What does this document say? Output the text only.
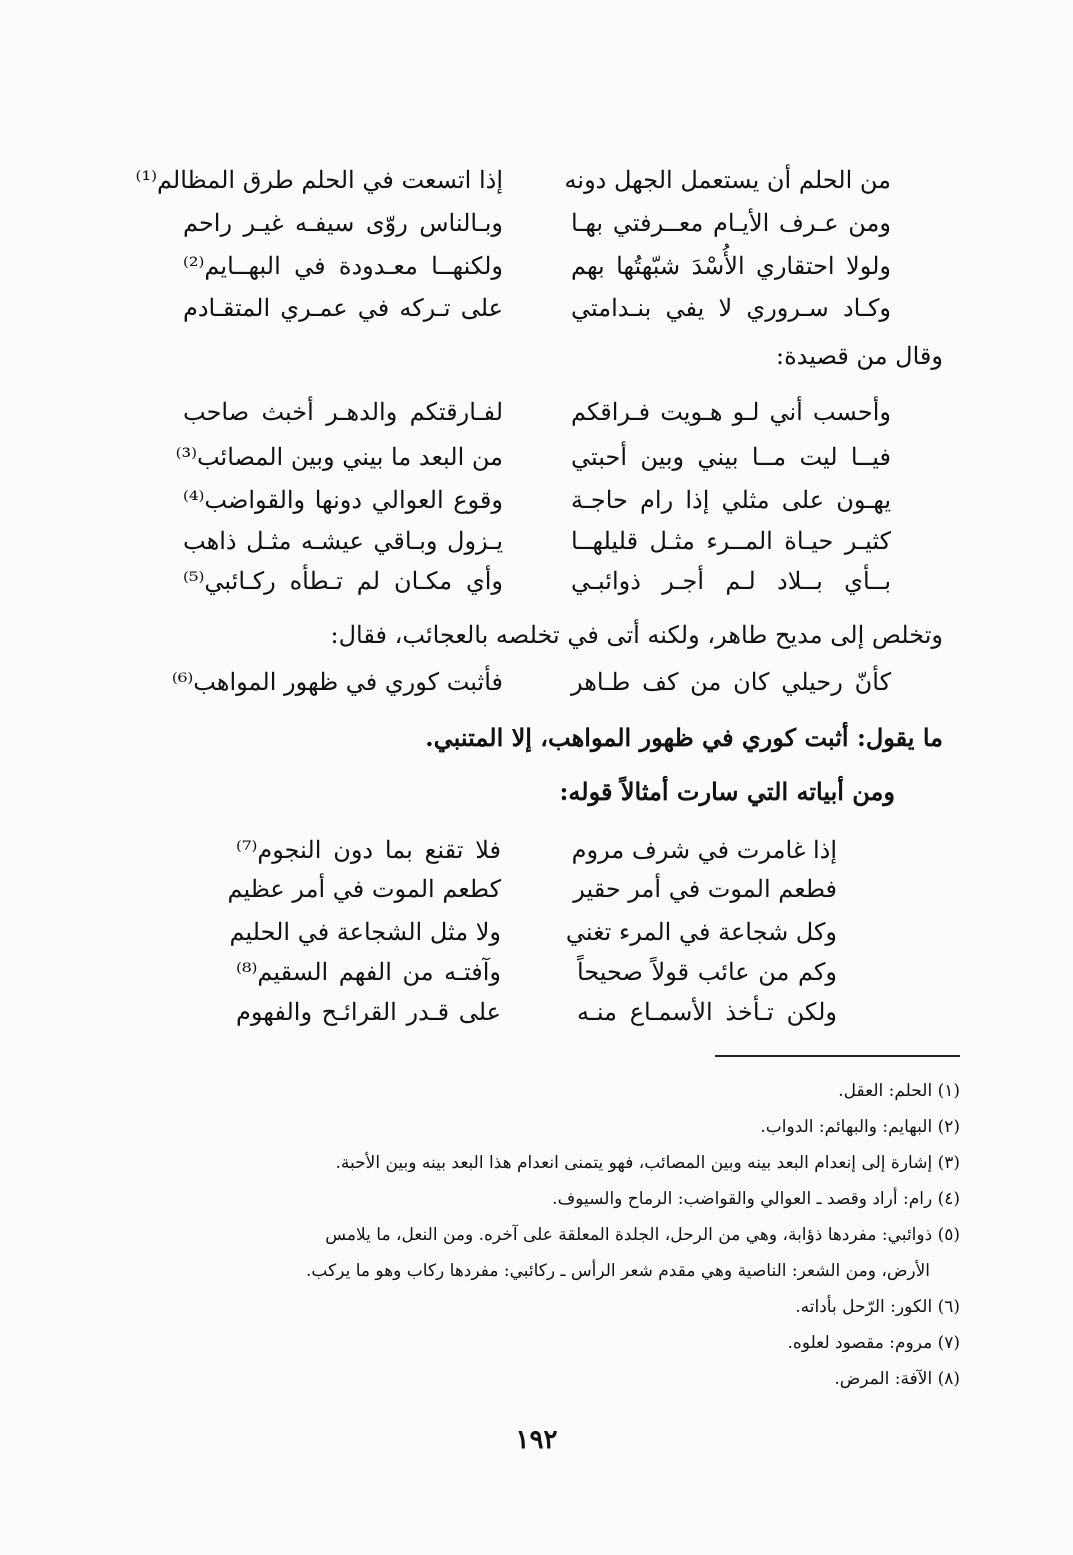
من الحلم أن يستعمل الجهل دونه
إذا اتسعت في الحلم طرق المظالم⁽¹⁾
ومن عـرف الأيـام معــرفتي بهـا
وبـالناس روّى سيفـه غيـر راحم
ولولا احتقاري الأُسْدَ شبّهتُها بهم
ولكنهــا معـدودة في البهــايم⁽²⁾
وكـاد سـروري لا يفي بنـدامتي
على تـركه في عمـري المتقـادم
وقال من قصيدة:
وأحسب أني لـو هـويت فـراقكم
لفـارقتكم والدهـر أخبث صاحب
فيــا ليت مــا بيني وبين أحبتي
من البعد ما بيني وبين المصائب⁽³⁾
يهـون على مثلي إذا رام حاجـة
وقوع العوالي دونها والقواضب⁽⁴⁾
كثيـر حيـاة المــرء مثـل قليلهــا
يـزول وبـاقي عيشـه مثـل ذاهب
بــأي بــلاد لـم أجـر ذوائبـي
وأي مكـان لم تـطأه ركـائبي⁽⁵⁾
وتخلص إلى مديح طاهر، ولكنه أتى في تخلصه بالعجائب، فقال:
كأنّ رحيلي كان من كف طـاهر
فأثبت كوري في ظهور المواهب⁽⁶⁾
ما يقول: أثبت كوري في ظهور المواهب، إلا المتنبي.
ومن أبياته التي سارت أمثالاً قوله:
إذا غامرت في شرف مروم
فلا تقنع بما دون النجوم⁽⁷⁾
فطعم الموت في أمر حقير
كطعم الموت في أمر عظيم
وكل شجاعة في المرء تغني
ولا مثل الشجاعة في الحليم
وكم من عائب قولاً صحيحاً
وآفتـه من الفهم السقيم⁽⁸⁾
ولكن تـأخذ الأسمـاع منـه
على قـدر القرائـح والفهوم

(١) الحلم: العقل.

(٢) البهايم: والبهائم: الدواب.

(٣) إشارة إلى إنعدام البعد بينه وبين المصائب، فهو يتمنى انعدام هذا البعد بينه وبين الأحبة.

(٤) رام: أراد وقصد ـ العوالي والقواضب: الرماح والسيوف.

(٥) ذوائبي: مفردها ذؤابة، وهي من الرحل، الجلدة المعلقة على آخره. ومن النعل، ما يلامس

الأرض، ومن الشعر: الناصية وهي مقدم شعر الرأس ـ ركائبي: مفردها ركاب وهو ما يركب.

(٦) الكور: الرّحل بأداته.

(٧) مروم: مقصود لعلوه.

(٨) الآفة: المرض.

١٩٢
